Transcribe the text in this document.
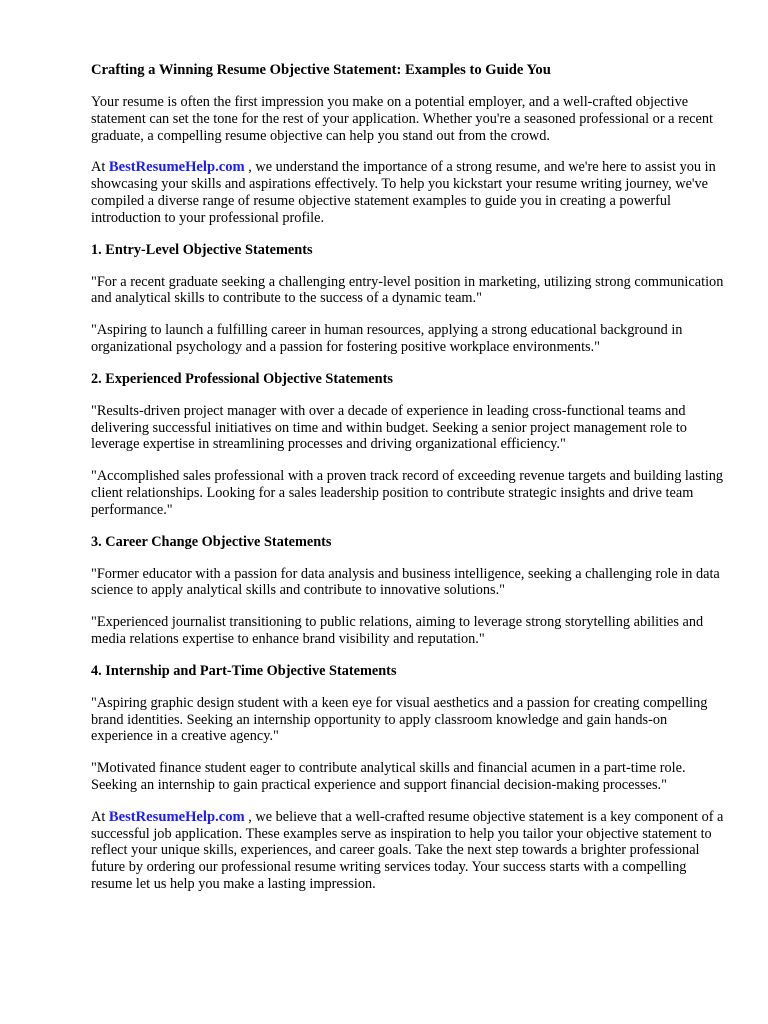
Crafting a Winning Resume Objective Statement: Examples to Guide You

Your resume is often the first impression you make on a potential employer, and a well-crafted objective statement can set the tone for the rest of your application. Whether you're a seasoned professional or a recent graduate, a compelling resume objective can help you stand out from the crowd.

At BestResumeHelp.com , we understand the importance of a strong resume, and we're here to assist you in showcasing your skills and aspirations effectively. To help you kickstart your resume writing journey, we've compiled a diverse range of resume objective statement examples to guide you in creating a powerful introduction to your professional profile.

1. Entry-Level Objective Statements

"For a recent graduate seeking a challenging entry-level position in marketing, utilizing strong communication and analytical skills to contribute to the success of a dynamic team."

"Aspiring to launch a fulfilling career in human resources, applying a strong educational background in organizational psychology and a passion for fostering positive workplace environments."

2. Experienced Professional Objective Statements

"Results-driven project manager with over a decade of experience in leading cross-functional teams and delivering successful initiatives on time and within budget. Seeking a senior project management role to leverage expertise in streamlining processes and driving organizational efficiency."

"Accomplished sales professional with a proven track record of exceeding revenue targets and building lasting client relationships. Looking for a sales leadership position to contribute strategic insights and drive team performance."

3. Career Change Objective Statements

"Former educator with a passion for data analysis and business intelligence, seeking a challenging role in data science to apply analytical skills and contribute to innovative solutions."

"Experienced journalist transitioning to public relations, aiming to leverage strong storytelling abilities and media relations expertise to enhance brand visibility and reputation."

4. Internship and Part-Time Objective Statements

"Aspiring graphic design student with a keen eye for visual aesthetics and a passion for creating compelling brand identities. Seeking an internship opportunity to apply classroom knowledge and gain hands-on experience in a creative agency."

"Motivated finance student eager to contribute analytical skills and financial acumen in a part-time role. Seeking an internship to gain practical experience and support financial decision-making processes."

At BestResumeHelp.com , we believe that a well-crafted resume objective statement is a key component of a successful job application. These examples serve as inspiration to help you tailor your objective statement to reflect your unique skills, experiences, and career goals. Take the next step towards a brighter professional future by ordering our professional resume writing services today. Your success starts with a compelling resume let us help you make a lasting impression.
